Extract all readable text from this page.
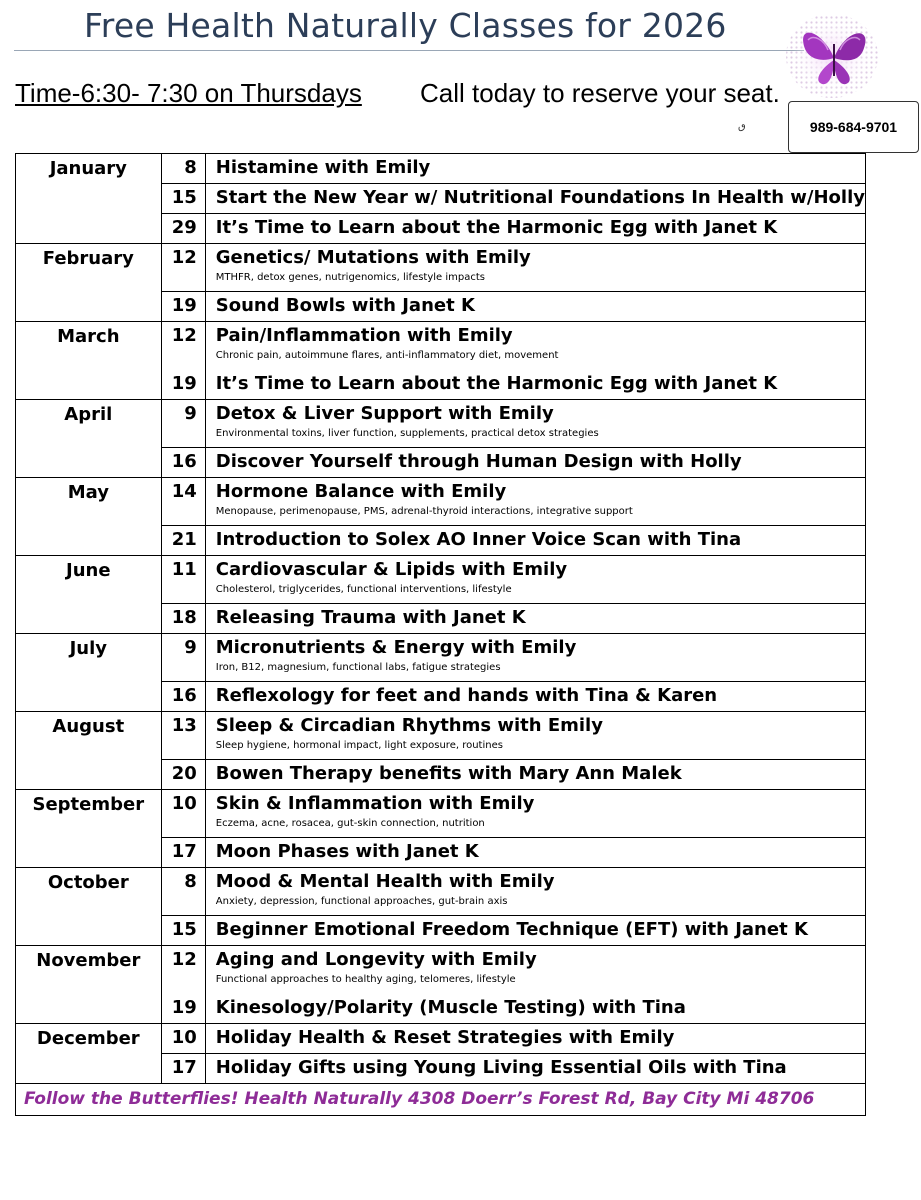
Free Health Naturally Classes for 2026
Time-6:30- 7:30 on Thursdays Call today to reserve your seat.
ٯ	989-684-9701
January	8	Histamine with Emily

	15	Start the New Year w/ Nutritional Foundations In Health w/Holly

	29	It’s Time to Learn about the Harmonic Egg with Janet K

February	12	Genetics/ Mutations with Emily
MTHFR, detox genes, nutrigenomics, lifestyle impacts

	19	Sound Bowls with Janet K

March	12	Pain/Inflammation with Emily
Chronic pain, autoimmune flares, anti-inflammatory diet, movement

	19	It’s Time to Learn about the Harmonic Egg with Janet K

April	9	Detox & Liver Support with Emily
Environmental toxins, liver function, supplements, practical detox strategies

	16	Discover Yourself through Human Design with Holly

May	14	Hormone Balance with Emily
Menopause, perimenopause, PMS, adrenal-thyroid interactions, integrative support

	21	Introduction to Solex AO Inner Voice Scan with Tina

June	11	Cardiovascular & Lipids with Emily
Cholesterol, triglycerides, functional interventions, lifestyle

	18	Releasing Trauma with Janet K

July	9	Micronutrients & Energy with Emily
Iron, B12, magnesium, functional labs, fatigue strategies

	16	Reflexology for feet and hands with Tina & Karen

August	13	Sleep & Circadian Rhythms with Emily
Sleep hygiene, hormonal impact, light exposure, routines

	20	Bowen Therapy benefits with Mary Ann Malek

September	10	Skin & Inflammation with Emily
Eczema, acne, rosacea, gut-skin connection, nutrition

	17	Moon Phases with Janet K

October	8	Mood & Mental Health with Emily
Anxiety, depression, functional approaches, gut-brain axis

	15	Beginner Emotional Freedom Technique (EFT) with Janet K

November	12	Aging and Longevity with Emily
Functional approaches to healthy aging, telomeres, lifestyle

	19	Kinesology/Polarity (Muscle Testing) with Tina

December	10	Holiday Health & Reset Strategies with Emily

	17	Holiday Gifts using Young Living Essential Oils with Tina

Follow the Butterflies! Health Naturally 4308 Doerr’s Forest Rd, Bay City Mi 48706		
